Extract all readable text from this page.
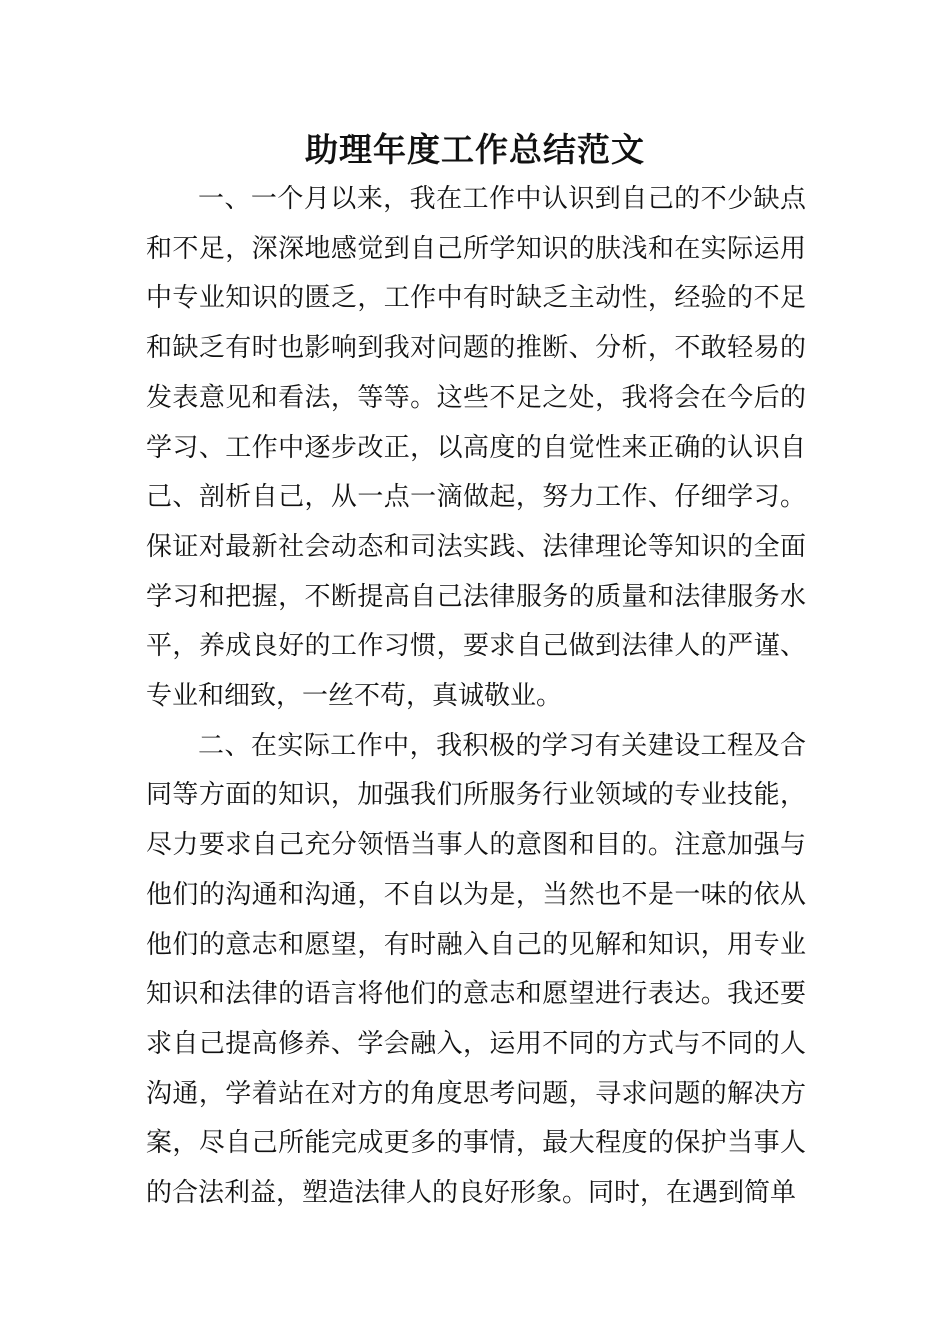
助理年度工作总结范文

一、一个月以来，我在工作中认识到自己的不少缺点和不足，深深地感觉到自己所学知识的肤浅和在实际运用中专业知识的匮乏，工作中有时缺乏主动性，经验的不足和缺乏有时也影响到我对问题的推断、分析，不敢轻易的发表意见和看法，等等。这些不足之处，我将会在今后的学习、工作中逐步改正，以高度的自觉性来正确的认识自己、剖析自己，从一点一滴做起，努力工作、仔细学习。保证对最新社会动态和司法实践、法律理论等知识的全面学习和把握，不断提高自己法律服务的质量和法律服务水平，养成良好的工作习惯，要求自己做到法律人的严谨、专业和细致，一丝不苟，真诚敬业。

二、在实际工作中，我积极的学习有关建设工程及合同等方面的知识，加强我们所服务行业领域的专业技能，尽力要求自己充分领悟当事人的意图和目的。注意加强与他们的沟通和沟通，不自以为是，当然也不是一味的依从他们的意志和愿望，有时融入自己的见解和知识，用专业知识和法律的语言将他们的意志和愿望进行表达。我还要求自己提高修养、学会融入，运用不同的方式与不同的人沟通，学着站在对方的角度思考问题，寻求问题的解决方案，尽自己所能完成更多的事情，最大程度的保护当事人的合法利益，塑造法律人的良好形象。同时，在遇到简单
